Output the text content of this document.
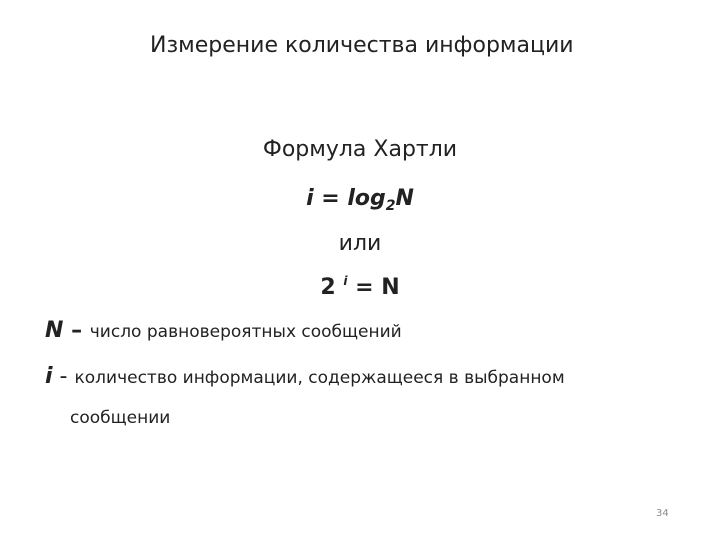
Измерение количества информации
Формула Хартли
$i = \log_2N$
или
2 $^i$ = N
N – число равновероятных сообщений
i - количество информации, содержащееся в выбранном
сообщении
34
